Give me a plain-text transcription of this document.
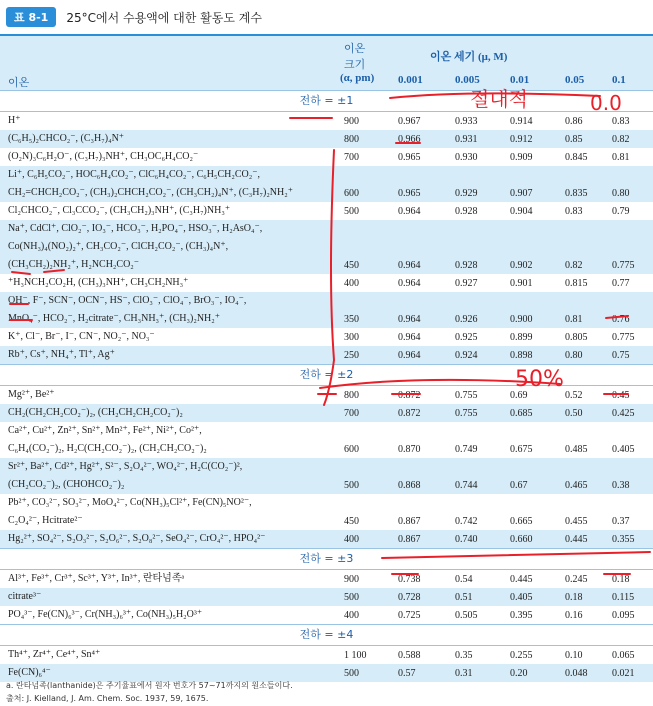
표 8-1	25°C에서 수용액에 대한 활동도 계수
이온
이온
크기
(α, pm)
이온 세기 (μ, M)
0.001	0.005	0.01	0.05	0.1
전하 = ±1
H⁺	900	0.967	0.933	0.914	0.86	0.83
(C₆H₅)₂CHCO₂⁻, (C₃H₇)₄N⁺	800	0.966	0.931	0.912	0.85	0.82
(O₂N)₃C₆H₂O⁻, (C₃H₇)₃NH⁺, CH₃OC₆H₄CO₂⁻	700	0.965	0.930	0.909	0.845 0.81
Li⁺, C₆H₅CO₂⁻, HOC₆H₄CO₂⁻, ClC₆H₄CO₂⁻, C₆H₅CH₂CO₂⁻,
CH₂=CHCH₂CO₂⁻, (CH₃)₂CHCH₂CO₂⁻, (CH₃CH₂)₄N⁺, (C₃H₇)₂NH₂⁺	600	0.965	0.929	0.907	0.835 0.80
Cl₂CHCO₂⁻, Cl₃CCO₂⁻, (CH₃CH₂)₃NH⁺, (C₃H₇)NH₃⁺	500	0.964	0.928	0.904	0.83	0.79
Na⁺, CdCl⁺, ClO₂⁻, IO₃⁻, HCO₃⁻, H₂PO₄⁻, HSO₃⁻, H₂AsO₄⁻,
Co(NH₃)₄(NO₂)₂⁺, CH₃CO₂⁻, ClCH₂CO₂⁻, (CH₃)₄N⁺,
(CH₃CH₂)₂NH₂⁺, H₂NCH₂CO₂⁻	450	0.964	0.928	0.902	0.82	0.775
⁺H₃NCH₂CO₂H, (CH₃)₃NH⁺, CH₃CH₂NH₃⁺	400	0.964	0.927	0.901	0.815 0.77
OH⁻, F⁻, SCN⁻, OCN⁻, HS⁻, ClO₃⁻, ClO₄⁻, BrO₃⁻, IO₄⁻,
MnO₄⁻, HCO₂⁻, H₂citrate⁻, CH₃NH₃⁺, (CH₃)₂NH₂⁺	350	0.964	0.926	0.900	0.81	0.76
K⁺, Cl⁻, Br⁻, I⁻, CN⁻, NO₂⁻, NO₃⁻	300	0.964	0.925	0.899	0.805 0.775
Rb⁺, Cs⁺, NH₄⁺, Tl⁺, Ag⁺	250	0.964	0.924	0.898	0.80	0.75
전하 = ±2
Mg²⁺, Be²⁺	800	0.872	0.755	0.69	0.52	0.45
CH₂(CH₂CH₂CO₂⁻)₂, (CH₂CH₂CH₂CO₂⁻)₂	700	0.872	0.755	0.685	0.50	0.425
Ca²⁺, Cu²⁺, Zn²⁺, Sn²⁺, Mn²⁺, Fe²⁺, Ni²⁺, Co²⁺,
C₆H₄(CO₂⁻)₂, H₂C(CH₂CO₂⁻)₂, (CH₂CH₂CO₂⁻)₂	600	0.870	0.749	0.675	0.485 0.405
Sr²⁺, Ba²⁺, Cd²⁺, Hg²⁺, S²⁻, S₂O₄²⁻, WO₄²⁻, H₂C(CO₂⁻)²,
(CH₂CO₂⁻)₂, (CHOHCO₂⁻)₂	500	0.868	0.744	0.67	0.465 0.38
Pb²⁺, CO₃²⁻, SO₃²⁻, MoO₄²⁻, Co(NH₃)₅Cl²⁺, Fe(CN)₅NO²⁻,
C₂O₄²⁻, Hcitrate²⁻	450	0.867	0.742	0.665	0.455 0.37
Hg₂²⁺, SO₄²⁻, S₂O₃²⁻, S₂O₆²⁻, S₂O₈²⁻, SeO₄²⁻, CrO₄²⁻, HPO₄²⁻	400	0.867	0.740	0.660	0.445 0.355
전하 = ±3
Al³⁺, Fe³⁺, Cr³⁺, Sc³⁺, Y³⁺, In³⁺, 란타넘족ᵃ	900	0.738	0.54	0.445	0.245 0.18
citrate³⁻	500	0.728	0.51	0.405	0.18	0.115
PO₄³⁻, Fe(CN)₆³⁻, Cr(NH₃)₆³⁺, Co(NH₃)₅H₂O³⁺	400	0.725	0.505	0.395	0.16	0.095
전하 = ±4
Th⁴⁺, Zr⁴⁺, Ce⁴⁺, Sn⁴⁺	1 100	0.588	0.35	0.255	0.10	0.065
Fe(CN)₆⁴⁻	500	0.57	0.31	0.20	0.048 0.021
a. 란타넘족(lanthanide)은 주기율표에서 원자 번호가 57~71까지의 원소들이다.
출처: J. Kielland, J. Am. Chem. Soc. 1937, 59, 1675.
절대적	0.0
50%
